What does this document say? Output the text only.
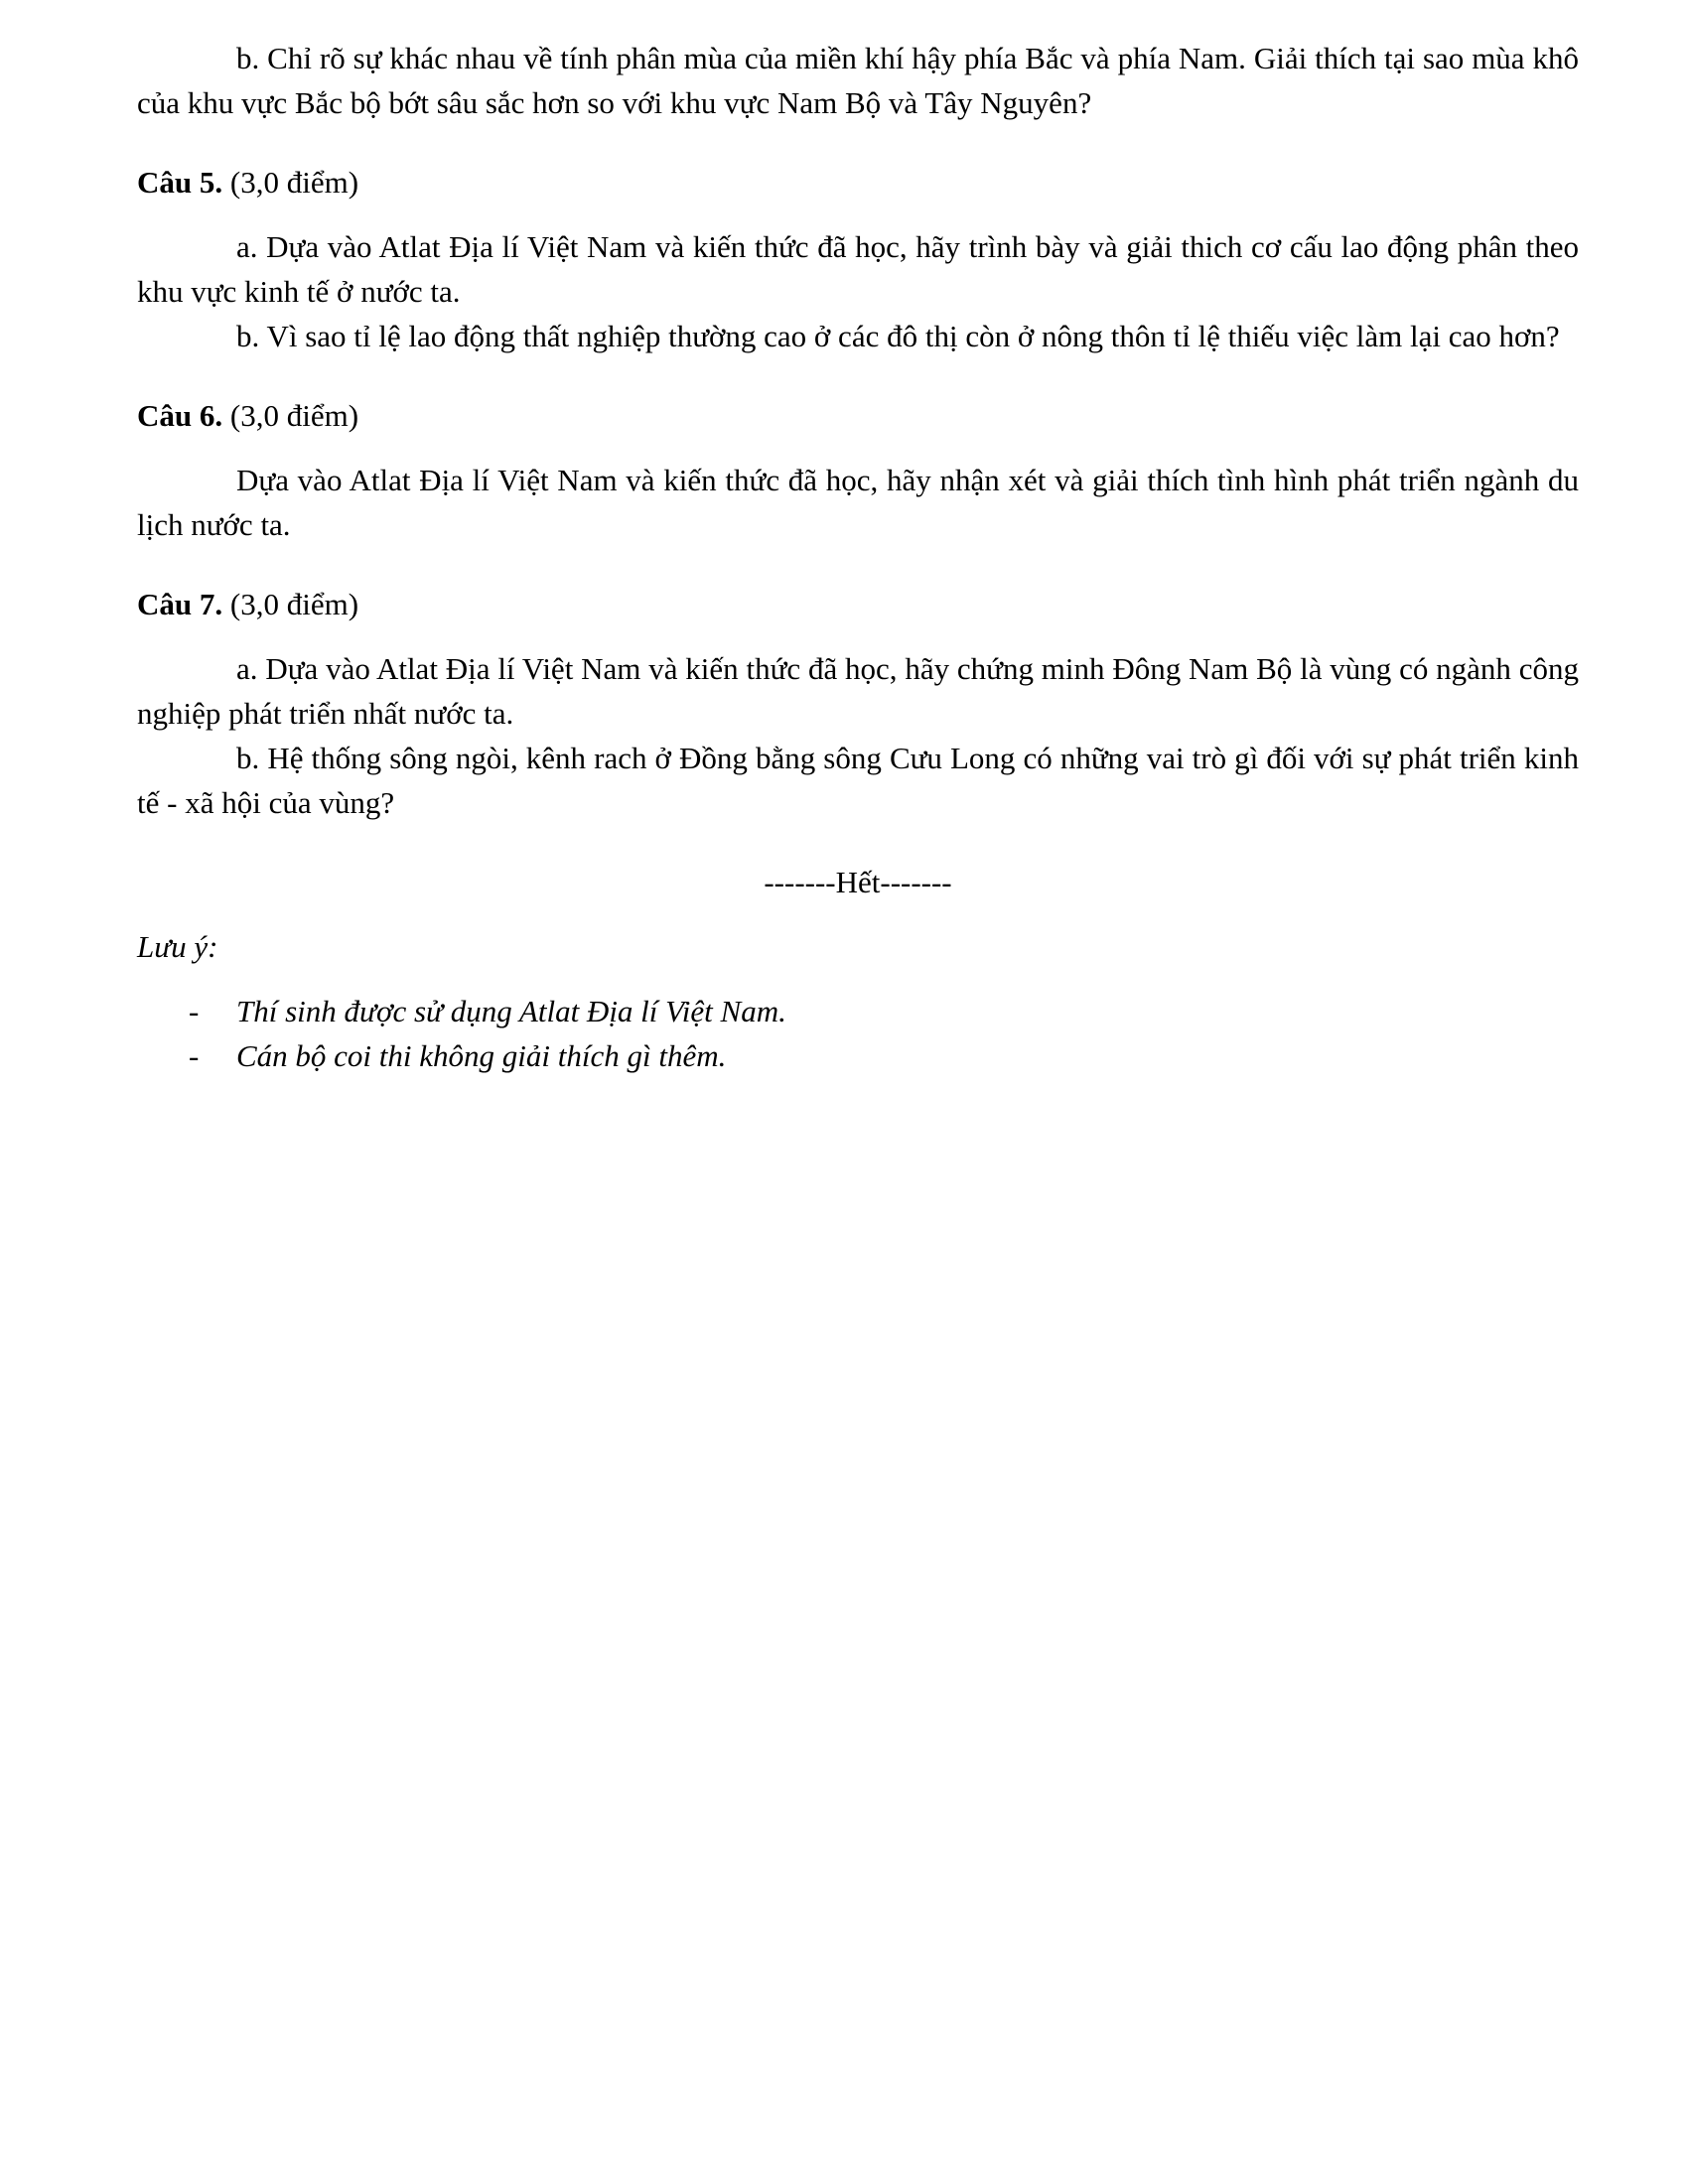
b. Chỉ rõ sự khác nhau về tính phân mùa của miền khí hậy phía Bắc và phía Nam. Giải thích tại sao mùa khô của khu vực Bắc bộ bớt sâu sắc hơn so với khu vực Nam Bộ và Tây Nguyên?

Câu 5. (3,0 điểm)

a. Dựa vào Atlat Địa lí Việt Nam và kiến thức đã học, hãy trình bày và giải thich cơ cấu lao động phân theo khu vực kinh tế ở nước ta.

b. Vì sao tỉ lệ lao động thất nghiệp thường cao ở các đô thị còn ở nông thôn tỉ lệ thiếu việc làm lại cao hơn?

Câu 6. (3,0 điểm)

Dựa vào Atlat Địa lí Việt Nam và kiến thức đã học, hãy nhận xét và giải thích tình hình phát triển ngành du lịch nước ta.

Câu 7. (3,0 điểm)

a. Dựa vào Atlat Địa lí Việt Nam và kiến thức đã học, hãy chứng minh Đông Nam Bộ là vùng có ngành công nghiệp phát triển nhất nước ta.

b. Hệ thống sông ngòi, kênh rach ở Đồng bằng sông Cưu Long có những vai trò gì đối với sự phát triển kinh tế - xã hội của vùng?

-------Hết-------

Lưu ý:

- Thí sinh được sử dụng Atlat Địa lí Việt Nam.
- Cán bộ coi thi không giải thích gì thêm.
